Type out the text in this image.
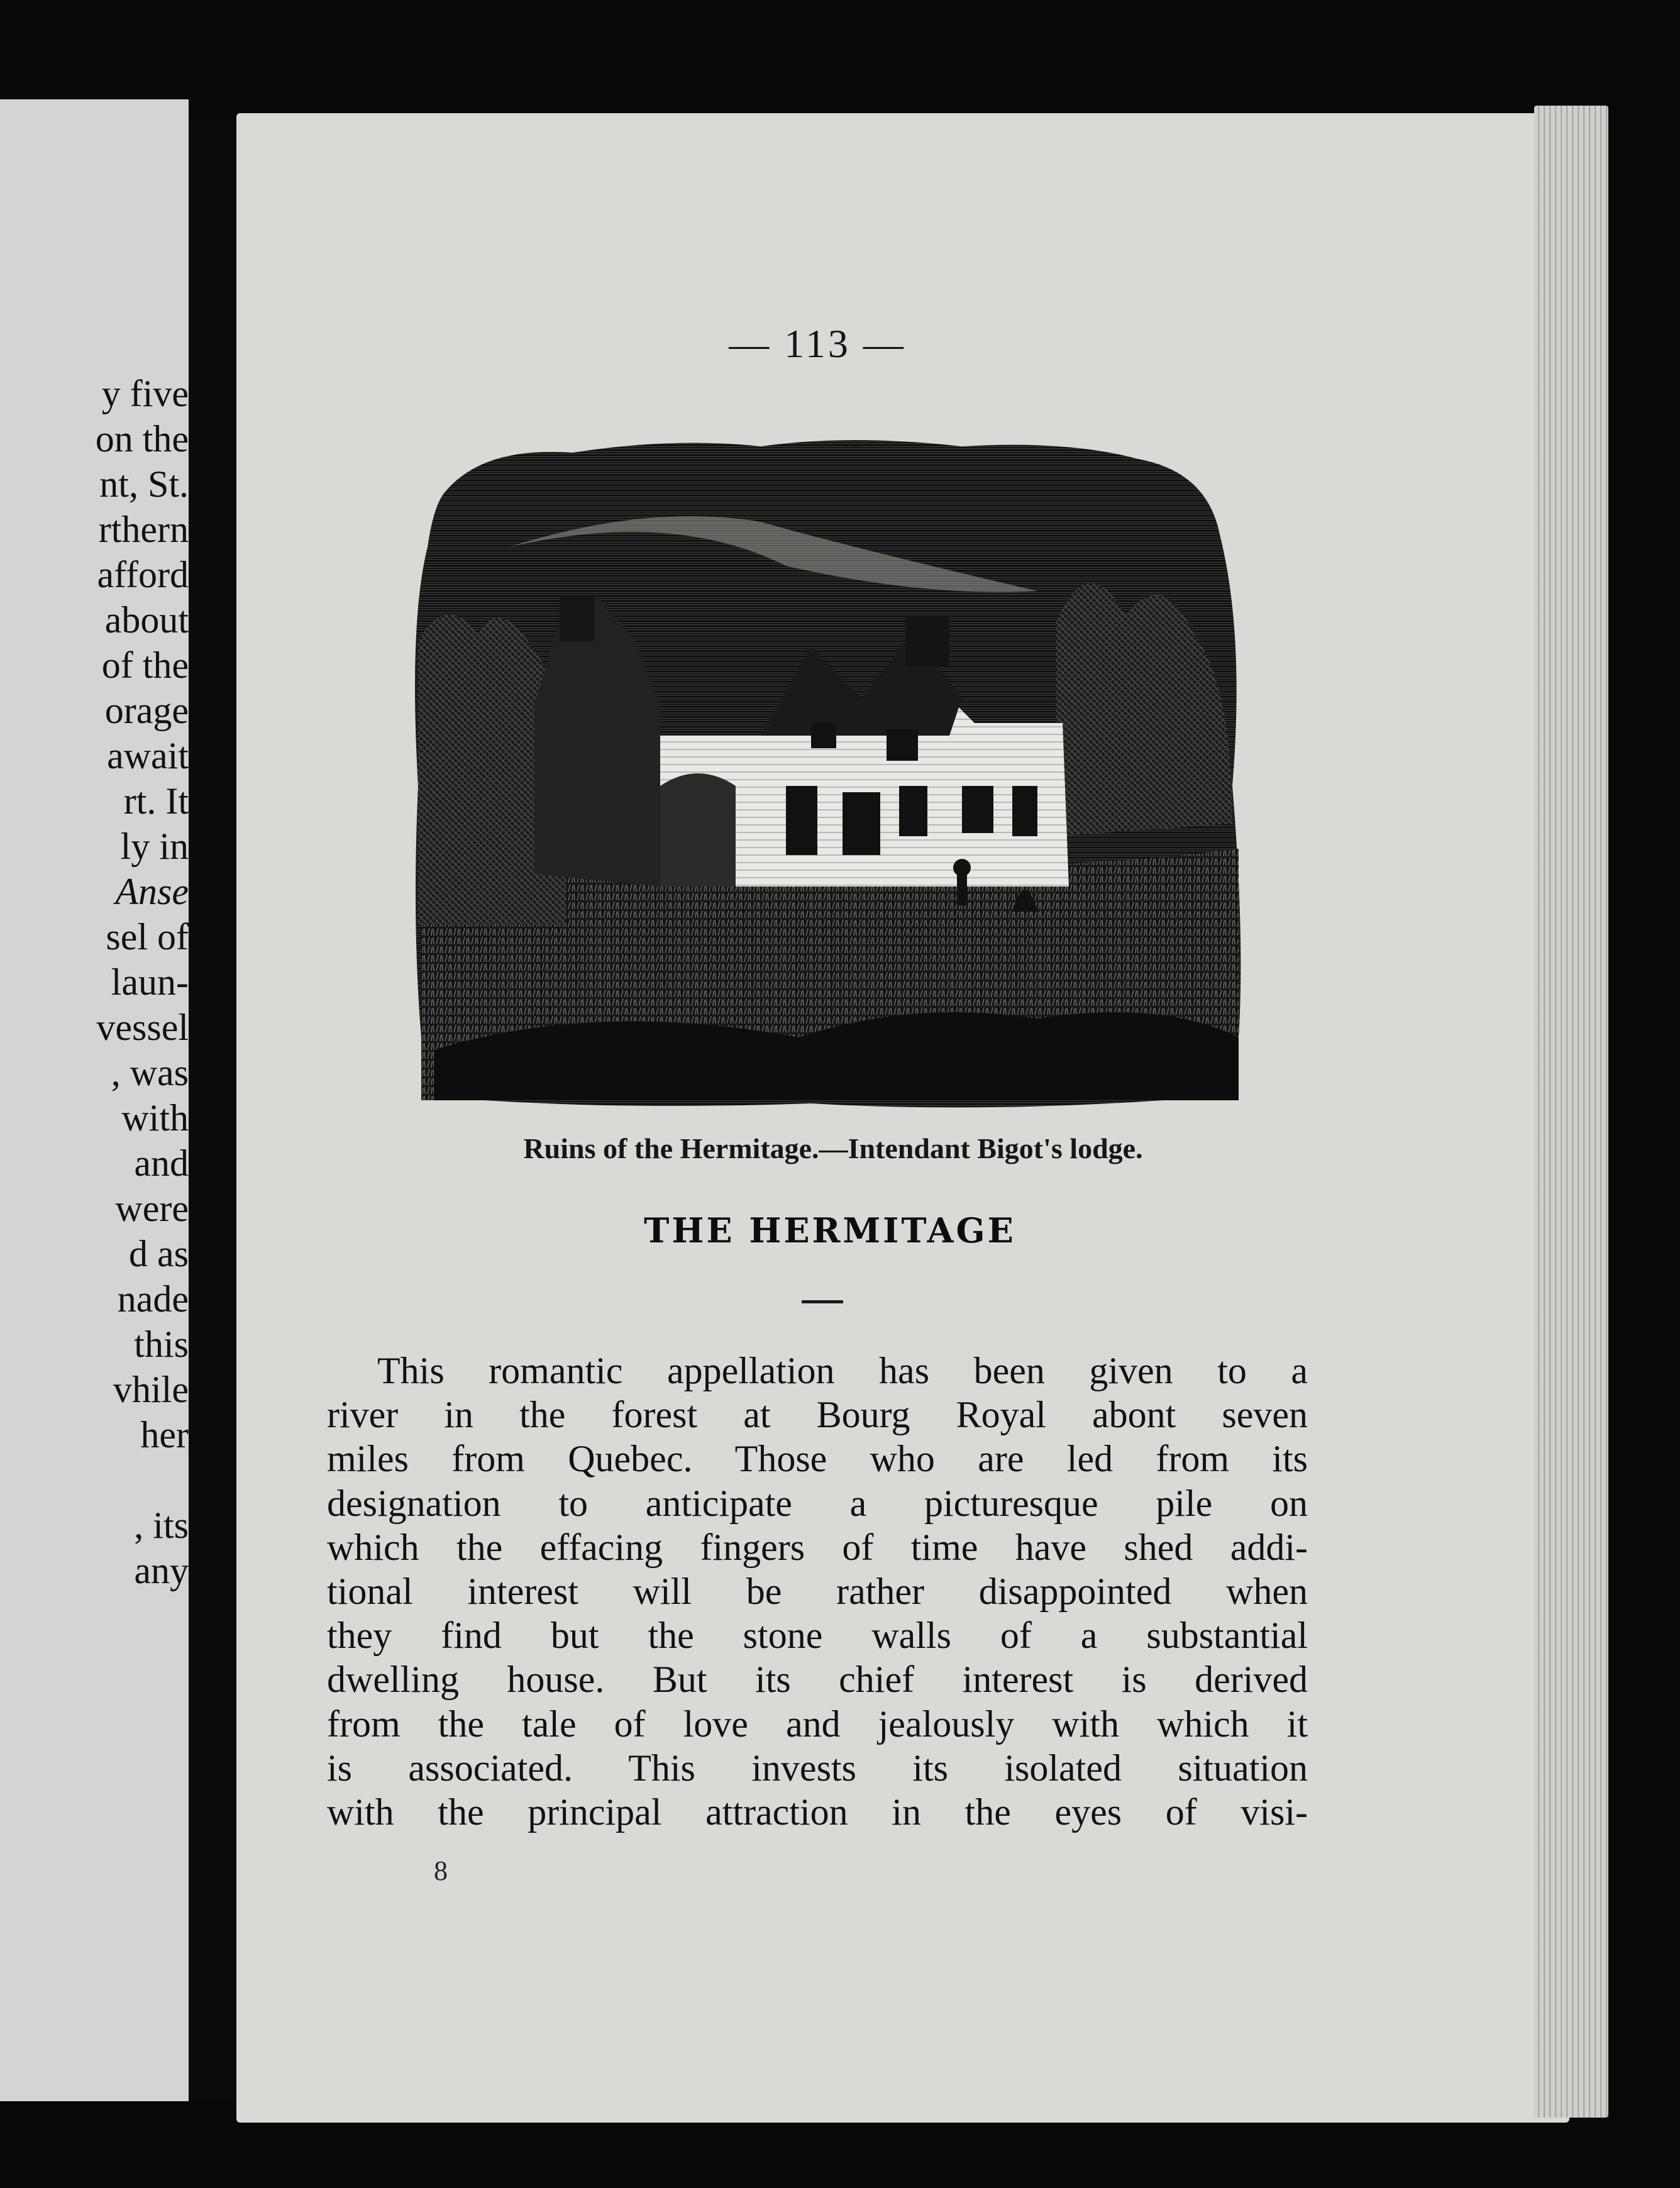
y five
on the
nt, St.
rthern
afford
about
of the
orage
await
rt. It
ly in
Anse
sel of
laun-
vessel
, was
with
and
were
d as
nade
this
vhile
her
, its
any
— 113 —
Ruins of the Hermitage.—Intendant Bigot's lodge.
THE HERMITAGE
This romantic appellation has been given to a
river in the forest at Bourg Royal abont seven
miles from Quebec. Those who are led from its
designation to anticipate a picturesque pile on
which the effacing fingers of time have shed addi-
tional interest will be rather disappointed when
they find but the stone walls of a substantial
dwelling house. But its chief interest is derived
from the tale of love and jealously with which it
is associated. This invests its isolated situation
with the principal attraction in the eyes of visi-
8
